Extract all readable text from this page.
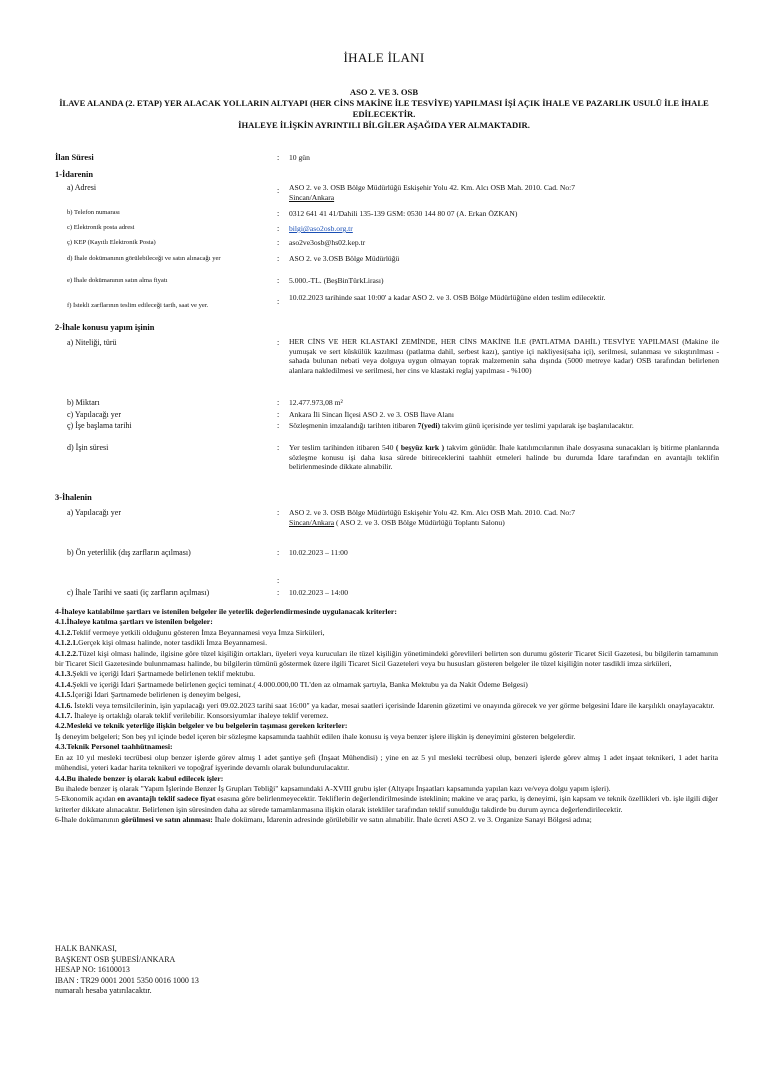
İHALE İLANI
ASO 2. VE 3. OSB
İLAVE ALANDA (2. ETAP) YER ALACAK YOLLARIN ALTYAPI (HER CİNS MAKİNE İLE TESVİYE) YAPILMASI İŞİ AÇIK İHALE VE PAZARLIK USULÜ İLE İHALE EDİLECEKTİR.
İHALEYE İLİŞKİN AYRINTILI BİLGİLER AŞAĞIDA YER ALMAKTADIR.
İlan Süresi	: 10 gün
1-İdarenin
a) Adresi	: ASO 2. ve 3. OSB Bölge Müdürlüğü Eskişehir Yolu 42. Km. Alcı OSB Mah. 2010. Cad. No:7
Sincan/Ankara
b) Telefon numarası	: 0312 641 41 41/Dahili 135-139 GSM: 0530 144 80 07 (A. Erkan ÖZKAN)
c) Elektronik posta adresi	: bilgi@aso2osb.org.tr
ç) KEP (Kayıtlı Elektronik Posta)	: aso2ve3osb@hs02.kep.tr
d) İhale dokümanının görülebileceği ve satın alınacağı yer	: ASO 2. ve 3.OSB Bölge Müdürlüğü
e) İhale dokümanının satın alma fiyatı	: 5.000.-TL. (BeşBinTürkLirası)
f) İstekli zarflarının teslim edileceği tarih, saat ve yer.	: 10.02.2023 tarihinde saat 10:00' a kadar ASO 2. ve 3. OSB Bölge Müdürlüğüne elden teslim edilecektir.
2-İhale konusu yapım işinin
a) Niteliği, türü	: HER CİNS VE HER KLASTAKİ ZEMİNDE, HER CİNS MAKİNE İLE (PATLATMA DAHİL) TESVİYE YAPILMASI (Makine ile yumuşak ve sert küskülük kazılması (patlatma dahil, serbest kazı), şantiye içi nakliyesi(saha içi), serilmesi, sulanması ve sıkıştırılması - sahada bulunan nebati veya dolguya uygun olmayan toprak malzemenin saha dışında (5000 metreye kadar) OSB tarafından belirlenen alanlara nakledilmesi ve serilmesi, her cins ve klastaki reglaj yapılması - %100)
b) Miktarı	: 12.477.973,08 m²
c) Yapılacağı yer	: Ankara İli Sincan İlçesi ASO 2. ve 3. OSB İlave Alanı
ç) İşe başlama tarihi	: Sözleşmenin imzalandığı tarihten itibaren 7(yedi) takvim günü içerisinde yer teslimi yapılarak işe başlanılacaktır.
d) İşin süresi	: Yer teslim tarihinden itibaren 540 ( beşyüz kırk ) takvim günüdür. İhale katılımcılarının ihale dosyasına sunacakları iş bitirme planlarında sözleşme konusu işi daha kısa sürede bitireceklerini taahhüt etmeleri halinde bu durumda İdare tarafından en avantajlı teklifin belirlenmesinde dikkate alınabilir.
3-İhalenin
a) Yapılacağı yer	: ASO 2. ve 3. OSB Bölge Müdürlüğü Eskişehir Yolu 42. Km. Alcı OSB Mah. 2010. Cad. No:7
Sincan/Ankara ( ASO 2. ve 3. OSB Bölge Müdürlüğü Toplantı Salonu)
b) Ön yeterlilik (dış zarfların açılması)	: 10.02.2023 – 11:00
:
c) İhale Tarihi ve saati (iç zarfların açılması)	: 10.02.2023 – 14:00

4-İhaleye katılabilme şartları ve istenilen belgeler ile yeterlik değerlendirmesinde uygulanacak kriterler:

4.1.İhaleye katılma şartları ve istenilen belgeler:

4.1.2.Teklif vermeye yetkili olduğunu gösteren İmza Beyannamesi veya İmza Sirküleri,

4.1.2.1.Gerçek kişi olması halinde, noter tasdikli İmza Beyannamesi.

4.1.2.2.Tüzel kişi olması halinde, ilgisine göre tüzel kişiliğin ortakları, üyeleri veya kurucuları ile tüzel kişiliğin yönetimindeki görevlileri belirten son durumu gösterir Ticaret Sicil Gazetesi, bu bilgilerin tamamının bir Ticaret Sicil Gazetesinde bulunmaması halinde, bu bilgilerin tümünü göstermek üzere ilgili Ticaret Sicil Gazeteleri veya bu hususları gösteren belgeler ile tüzel kişiliğin noter tasdikli imza sirküleri,

4.1.3.Şekli ve içeriği İdari Şartnamede belirlenen teklif mektubu.

4.1.4.Şekli ve içeriği İdari Şartnamede belirlenen geçici teminat.( 4.000.000,00 TL'den az olmamak şartıyla, Banka Mektubu ya da Nakit Ödeme Belgesi)

4.1.5.İçeriği İdari Şartnamede belirlenen iş deneyim belgesi,

4.1.6. İstekli veya temsilcilerinin, işin yapılacağı yeri 09.02.2023 tarihi saat 16:00" ya kadar, mesai saatleri içerisinde İdarenin gözetimi ve onayında görecek ve yer görme belgesini İdare ile karşılıklı onaylayacaktır.

4.1.7. İhaleye iş ortaklığı olarak teklif verilebilir. Konsorsiyumlar ihaleye teklif veremez.

4.2.Mesleki ve teknik yeterliğe ilişkin belgeler ve bu belgelerin taşıması gereken kriterler:

İş deneyim belgeleri; Son beş yıl içinde bedel içeren bir sözleşme kapsamında taahhüt edilen ihale konusu iş veya benzer işlere ilişkin iş deneyimini gösteren belgelerdir.

4.3.Teknik Personel taahhütnamesi:

En az 10 yıl mesleki tecrübesi olup benzer işlerde görev almış 1 adet şantiye şefi (İnşaat Mühendisi) ; yine en az 5 yıl mesleki tecrübesi olup, benzeri işlerde görev almış 1 adet inşaat teknikeri, 1 adet harita mühendisi, yeteri kadar harita teknikeri ve topoğraf işyerinde devamlı olarak bulundurulacaktır.

4.4.Bu ihalede benzer iş olarak kabul edilecek işler:

Bu ihalede benzer iş olarak "Yapım İşlerinde Benzer İş Grupları Tebliği" kapsamındaki A-XVIII grubu işler (Altyapı İnşaatları kapsamında yapılan kazı ve/veya dolgu yapım işleri).

5-Ekonomik açıdan en avantajlı teklif sadece fiyat esasına göre belirlenmeyecektir. Tekliflerin değerlendirilmesinde isteklinin; makine ve araç parkı, iş deneyimi, işin kapsam ve teknik özellikleri vb. işle ilgili diğer kriterler dikkate alınacaktır. Belirlenen işin süresinden daha az sürede tamamlanmasına ilişkin olarak istekliler tarafından teklif sunulduğu takdirde bu durum ayrıca değerlendirilecektir.

6-İhale dokümanının görülmesi ve satın alınması: İhale dokümanı, İdarenin adresinde görülebilir ve satın alınabilir. İhale ücreti ASO 2. ve 3. Organize Sanayi Bölgesi adına;

HALK BANKASI,
BAŞKENT OSB ŞUBESİ/ANKARA
HESAP NO: 16100013
IBAN : TR29 0001 2001 5350 0016 1000 13
numaralı hesaba yatırılacaktır.
